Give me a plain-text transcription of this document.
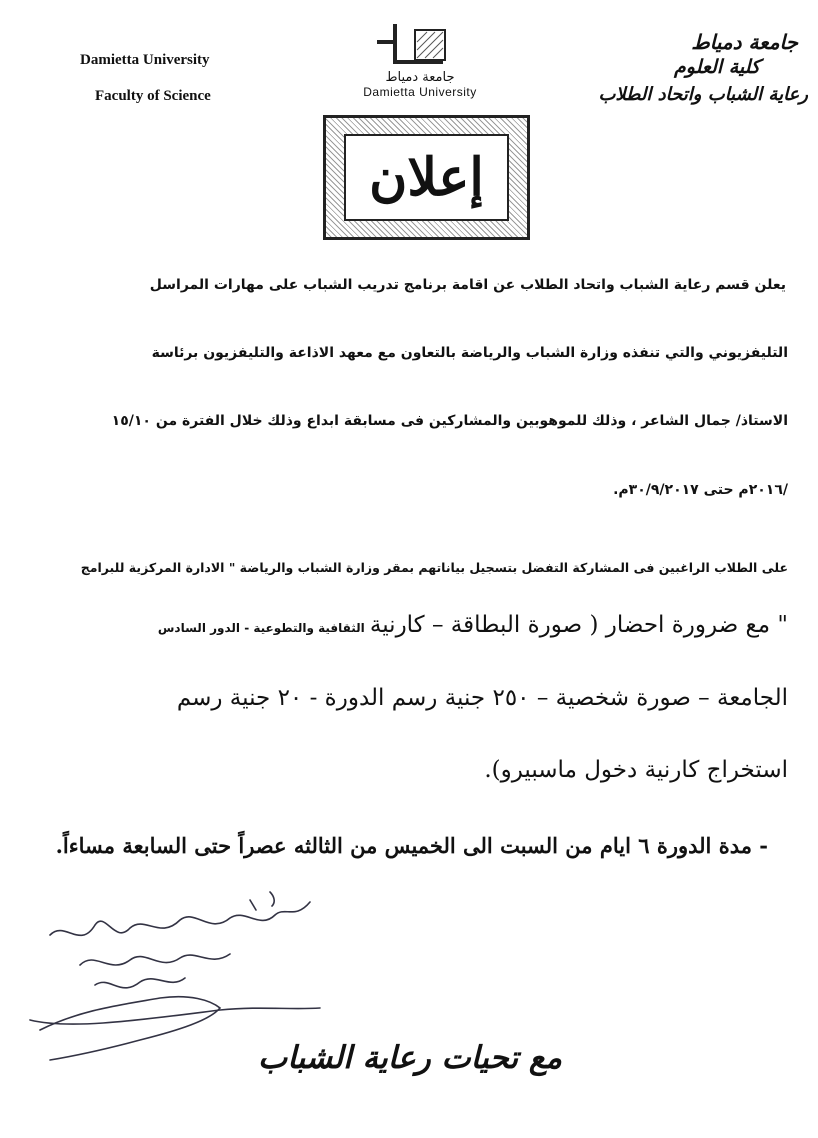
Damietta University
Faculty of Science
جامعة دمياط
Damietta University
جامعة دمياط
كلية العلوم
رعاية الشباب واتحاد الطلاب
إعلان
يعلن قسم رعاية الشباب واتحاد الطلاب عن اقامة برنامج تدريب الشباب على مهارات المراسل
التليفزيوني والتي تنفذه وزارة الشباب والرياضة بالتعاون مع معهد الاذاعة والتليفزيون برئاسة
الاستاذ/ جمال الشاعر ، وذلك للموهوبين والمشاركين فى مسابقة ابداع وذلك خلال الفترة من ١٥/١٠
/٢٠١٦م حتى ٣٠/٩/٢٠١٧م.
على الطلاب الراغبين فى المشاركة التفضل بتسجيل بياناتهم بمقر وزارة الشباب والرياضة " الادارة المركزية للبرامج
" مع ضرورة احضار ( صورة البطاقة – كارنية الثقافية والتطوعية - الدور السادس
الجامعة – صورة شخصية – ٢٥٠ جنية رسم الدورة - ٢٠ جنية رسم
استخراج كارنية دخول ماسبيرو).
- مدة الدورة ٦ ايام من السبت الى الخميس من الثالثه عصراً حتى السابعة مساءاً.
مع تحيات رعاية الشباب
